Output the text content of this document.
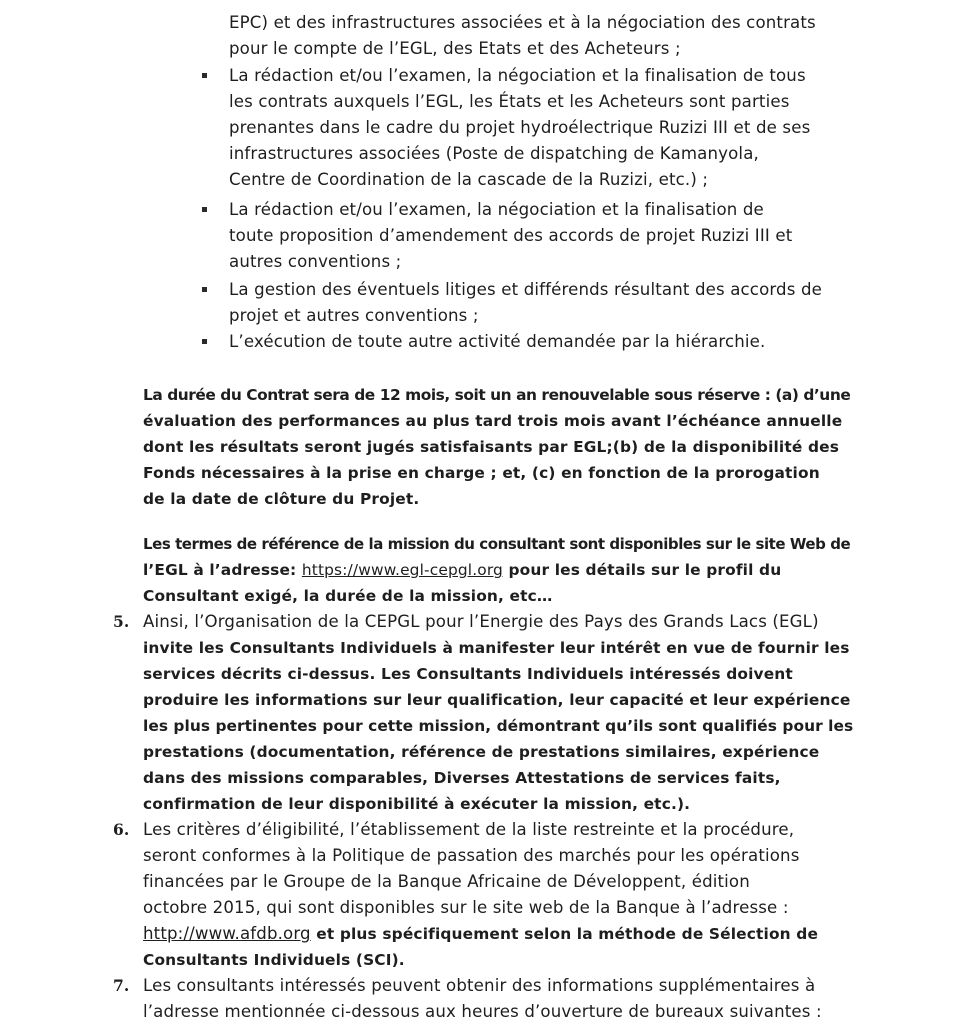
EPC) et des infrastructures associées et à la négociation des contrats
pour le compte de l’EGL, des Etats et des Acheteurs ;
La rédaction et/ou l’examen, la négociation et la finalisation de tous
les contrats auxquels l’EGL, les États et les Acheteurs sont parties
prenantes dans le cadre du projet hydroélectrique Ruzizi III et de ses
infrastructures associées (Poste de dispatching de Kamanyola,
Centre de Coordination de la cascade de la Ruzizi, etc.) ;
La rédaction et/ou l’examen, la négociation et la finalisation de
toute proposition d’amendement des accords de projet Ruzizi III et
autres conventions ;
La gestion des éventuels litiges et différends résultant des accords de
projet et autres conventions ;
L’exécution de toute autre activité demandée par la hiérarchie.
La durée du Contrat sera de 12 mois, soit un an renouvelable sous réserve : (a) d’une
évaluation des performances au plus tard trois mois avant l’échéance annuelle
dont les résultats seront jugés satisfaisants par EGL;(b) de la disponibilité des
Fonds nécessaires à la prise en charge ; et, (c) en fonction de la prorogation
de la date de clôture du Projet.
Les termes de référence de la mission du consultant sont disponibles sur le site Web de
l’EGL à l’adresse: https://www.egl-cepgl.org pour les détails sur le profil du
Consultant exigé, la durée de la mission, etc…
5. Ainsi, l’Organisation de la CEPGL pour l’Energie des Pays des Grands Lacs (EGL)
invite les Consultants Individuels à manifester leur intérêt en vue de fournir les
services décrits ci-dessus. Les Consultants Individuels intéressés doivent
produire les informations sur leur qualification, leur capacité et leur expérience
les plus pertinentes pour cette mission, démontrant qu’ils sont qualifiés pour les
prestations (documentation, référence de prestations similaires, expérience
dans des missions comparables, Diverses Attestations de services faits,
confirmation de leur disponibilité à exécuter la mission, etc.).
6. Les critères d’éligibilité, l’établissement de la liste restreinte et la procédure,
seront conformes à la Politique de passation des marchés pour les opérations
financées par le Groupe de la Banque Africaine de Développent, édition
octobre 2015, qui sont disponibles sur le site web de la Banque à l’adresse :
http://www.afdb.org et plus spécifiquement selon la méthode de Sélection de
Consultants Individuels (SCI).
7. Les consultants intéressés peuvent obtenir des informations supplémentaires à
l’adresse mentionnée ci-dessous aux heures d’ouverture de bureaux suivantes :
